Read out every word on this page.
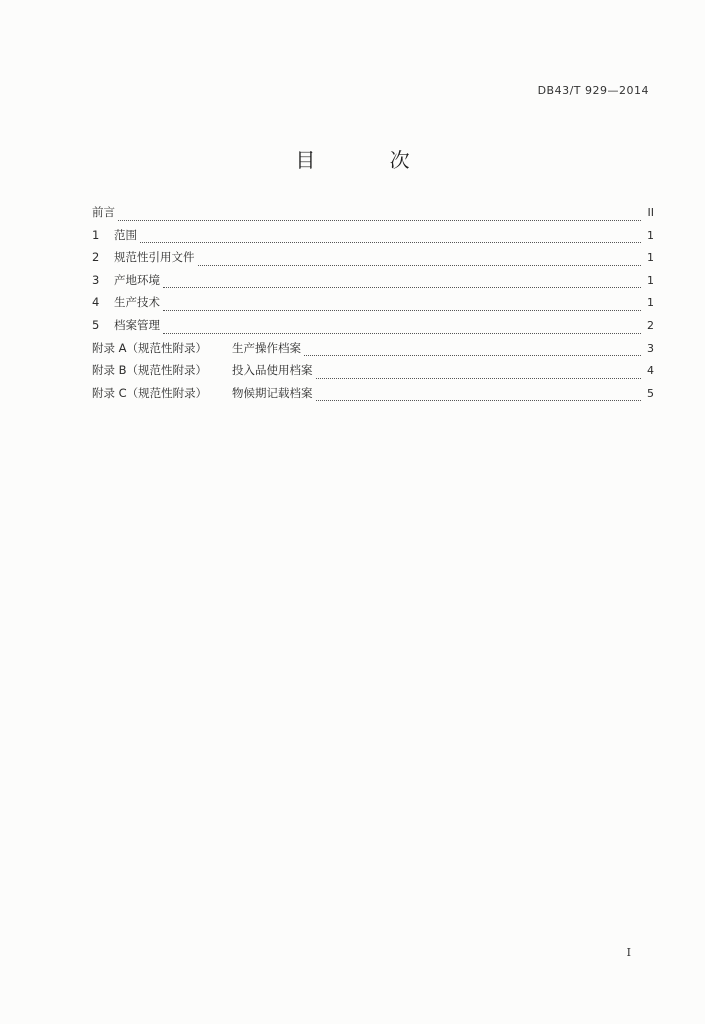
DB43/T 929—2014
目 次
前言	II
1	范围	1
2	规范性引用文件	1
3	产地环境	1
4	生产技术	1
5	档案管理	2
附录 A（规范性附录）	生产操作档案	3
附录 B（规范性附录）	投入品使用档案	4
附录 C（规范性附录）	物候期记载档案	5
I
